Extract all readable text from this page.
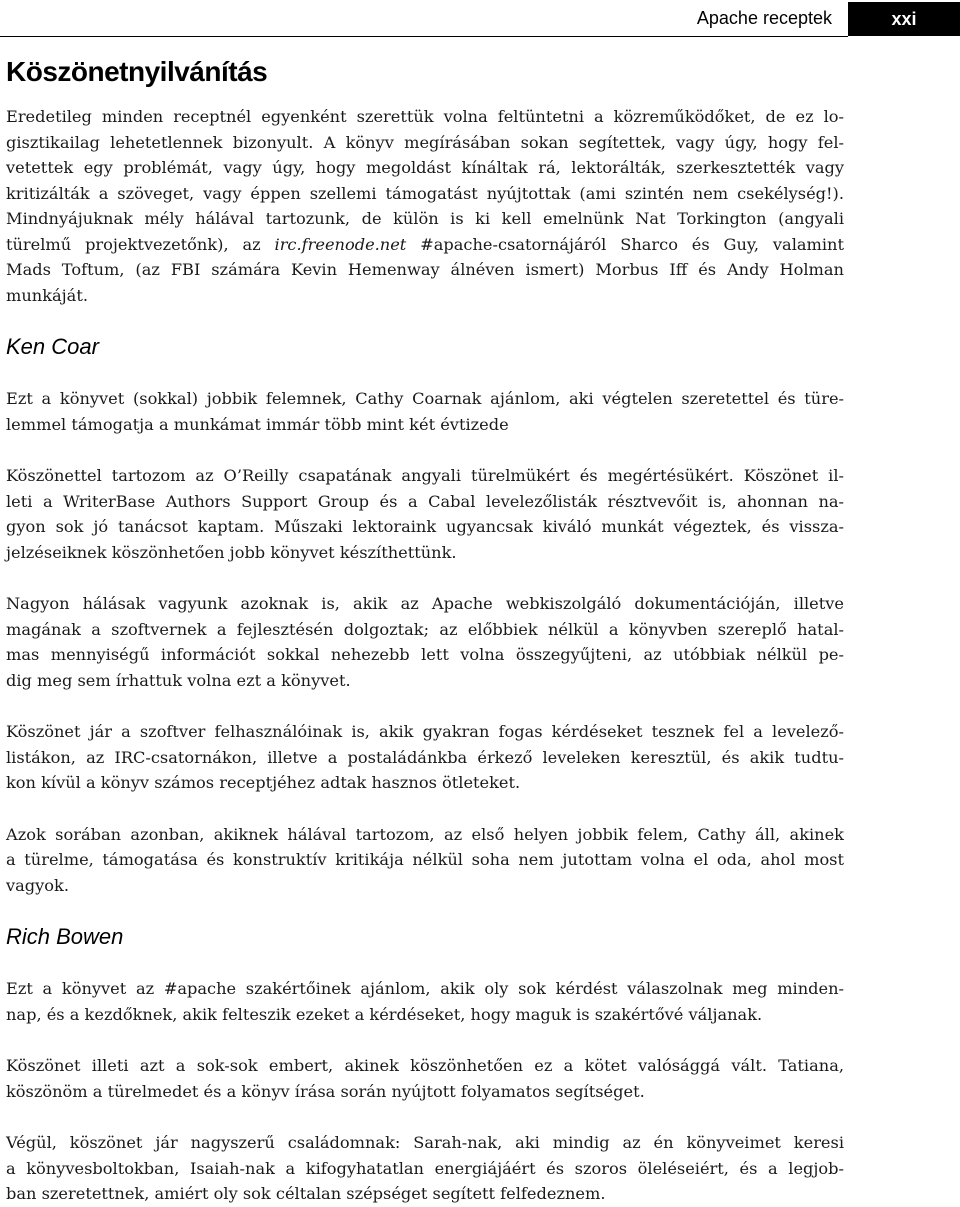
Apache receptek	xxi
Köszönetnyilvánítás

Eredetileg minden receptnél egyenként szerettük volna feltüntetni a közreműködőket, de ez lo-
gisztikailag lehetetlennek bizonyult. A könyv megírásában sokan segítettek, vagy úgy, hogy fel-
vetettek egy problémát, vagy úgy, hogy megoldást kínáltak rá, lektorálták, szerkesztették vagy
kritizálták a szöveget, vagy éppen szellemi támogatást nyújtottak (ami szintén nem csekélység!).
Mindnyájuknak mély hálával tartozunk, de külön is ki kell emelnünk Nat Torkington (angyali
türelmű projektvezetőnk), az irc.freenode.net #apache-csatornájáról Sharco és Guy, valamint
Mads Toftum, (az FBI számára Kevin Hemenway álnéven ismert) Morbus Iff és Andy Holman
munkáját.

Ken Coar

Ezt a könyvet (sokkal) jobbik felemnek, Cathy Coarnak ajánlom, aki végtelen szeretettel és türe-
lemmel támogatja a munkámat immár több mint két évtizede

Köszönettel tartozom az O’Reilly csapatának angyali türelmükért és megértésükért. Köszönet il-
leti a WriterBase Authors Support Group és a Cabal levelezőlisták résztvevőit is, ahonnan na-
gyon sok jó tanácsot kaptam. Műszaki lektoraink ugyancsak kiváló munkát végeztek, és vissza-
jelzéseiknek köszönhetően jobb könyvet készíthettünk.

Nagyon hálásak vagyunk azoknak is, akik az Apache webkiszolgáló dokumentációján, illetve
magának a szoftvernek a fejlesztésén dolgoztak; az előbbiek nélkül a könyvben szereplő hatal-
mas mennyiségű információt sokkal nehezebb lett volna összegyűjteni, az utóbbiak nélkül pe-
dig meg sem írhattuk volna ezt a könyvet.

Köszönet jár a szoftver felhasználóinak is, akik gyakran fogas kérdéseket tesznek fel a levelező-
listákon, az IRC-csatornákon, illetve a postaládánkba érkező leveleken keresztül, és akik tudtu-
kon kívül a könyv számos receptjéhez adtak hasznos ötleteket.

Azok sorában azonban, akiknek hálával tartozom, az első helyen jobbik felem, Cathy áll, akinek
a türelme, támogatása és konstruktív kritikája nélkül soha nem jutottam volna el oda, ahol most
vagyok.

Rich Bowen

Ezt a könyvet az #apache szakértőinek ajánlom, akik oly sok kérdést válaszolnak meg minden-
nap, és a kezdőknek, akik felteszik ezeket a kérdéseket, hogy maguk is szakértővé váljanak.

Köszönet illeti azt a sok-sok embert, akinek köszönhetően ez a kötet valósággá vált. Tatiana,
köszönöm a türelmedet és a könyv írása során nyújtott folyamatos segítséget.

Végül, köszönet jár nagyszerű családomnak: Sarah-nak, aki mindig az én könyveimet keresi
a könyvesboltokban, Isaiah-nak a kifogyhatatlan energiájáért és szoros öleléseiért, és a legjob-
ban szeretettnek, amiért oly sok céltalan szépséget segített felfedeznem.
